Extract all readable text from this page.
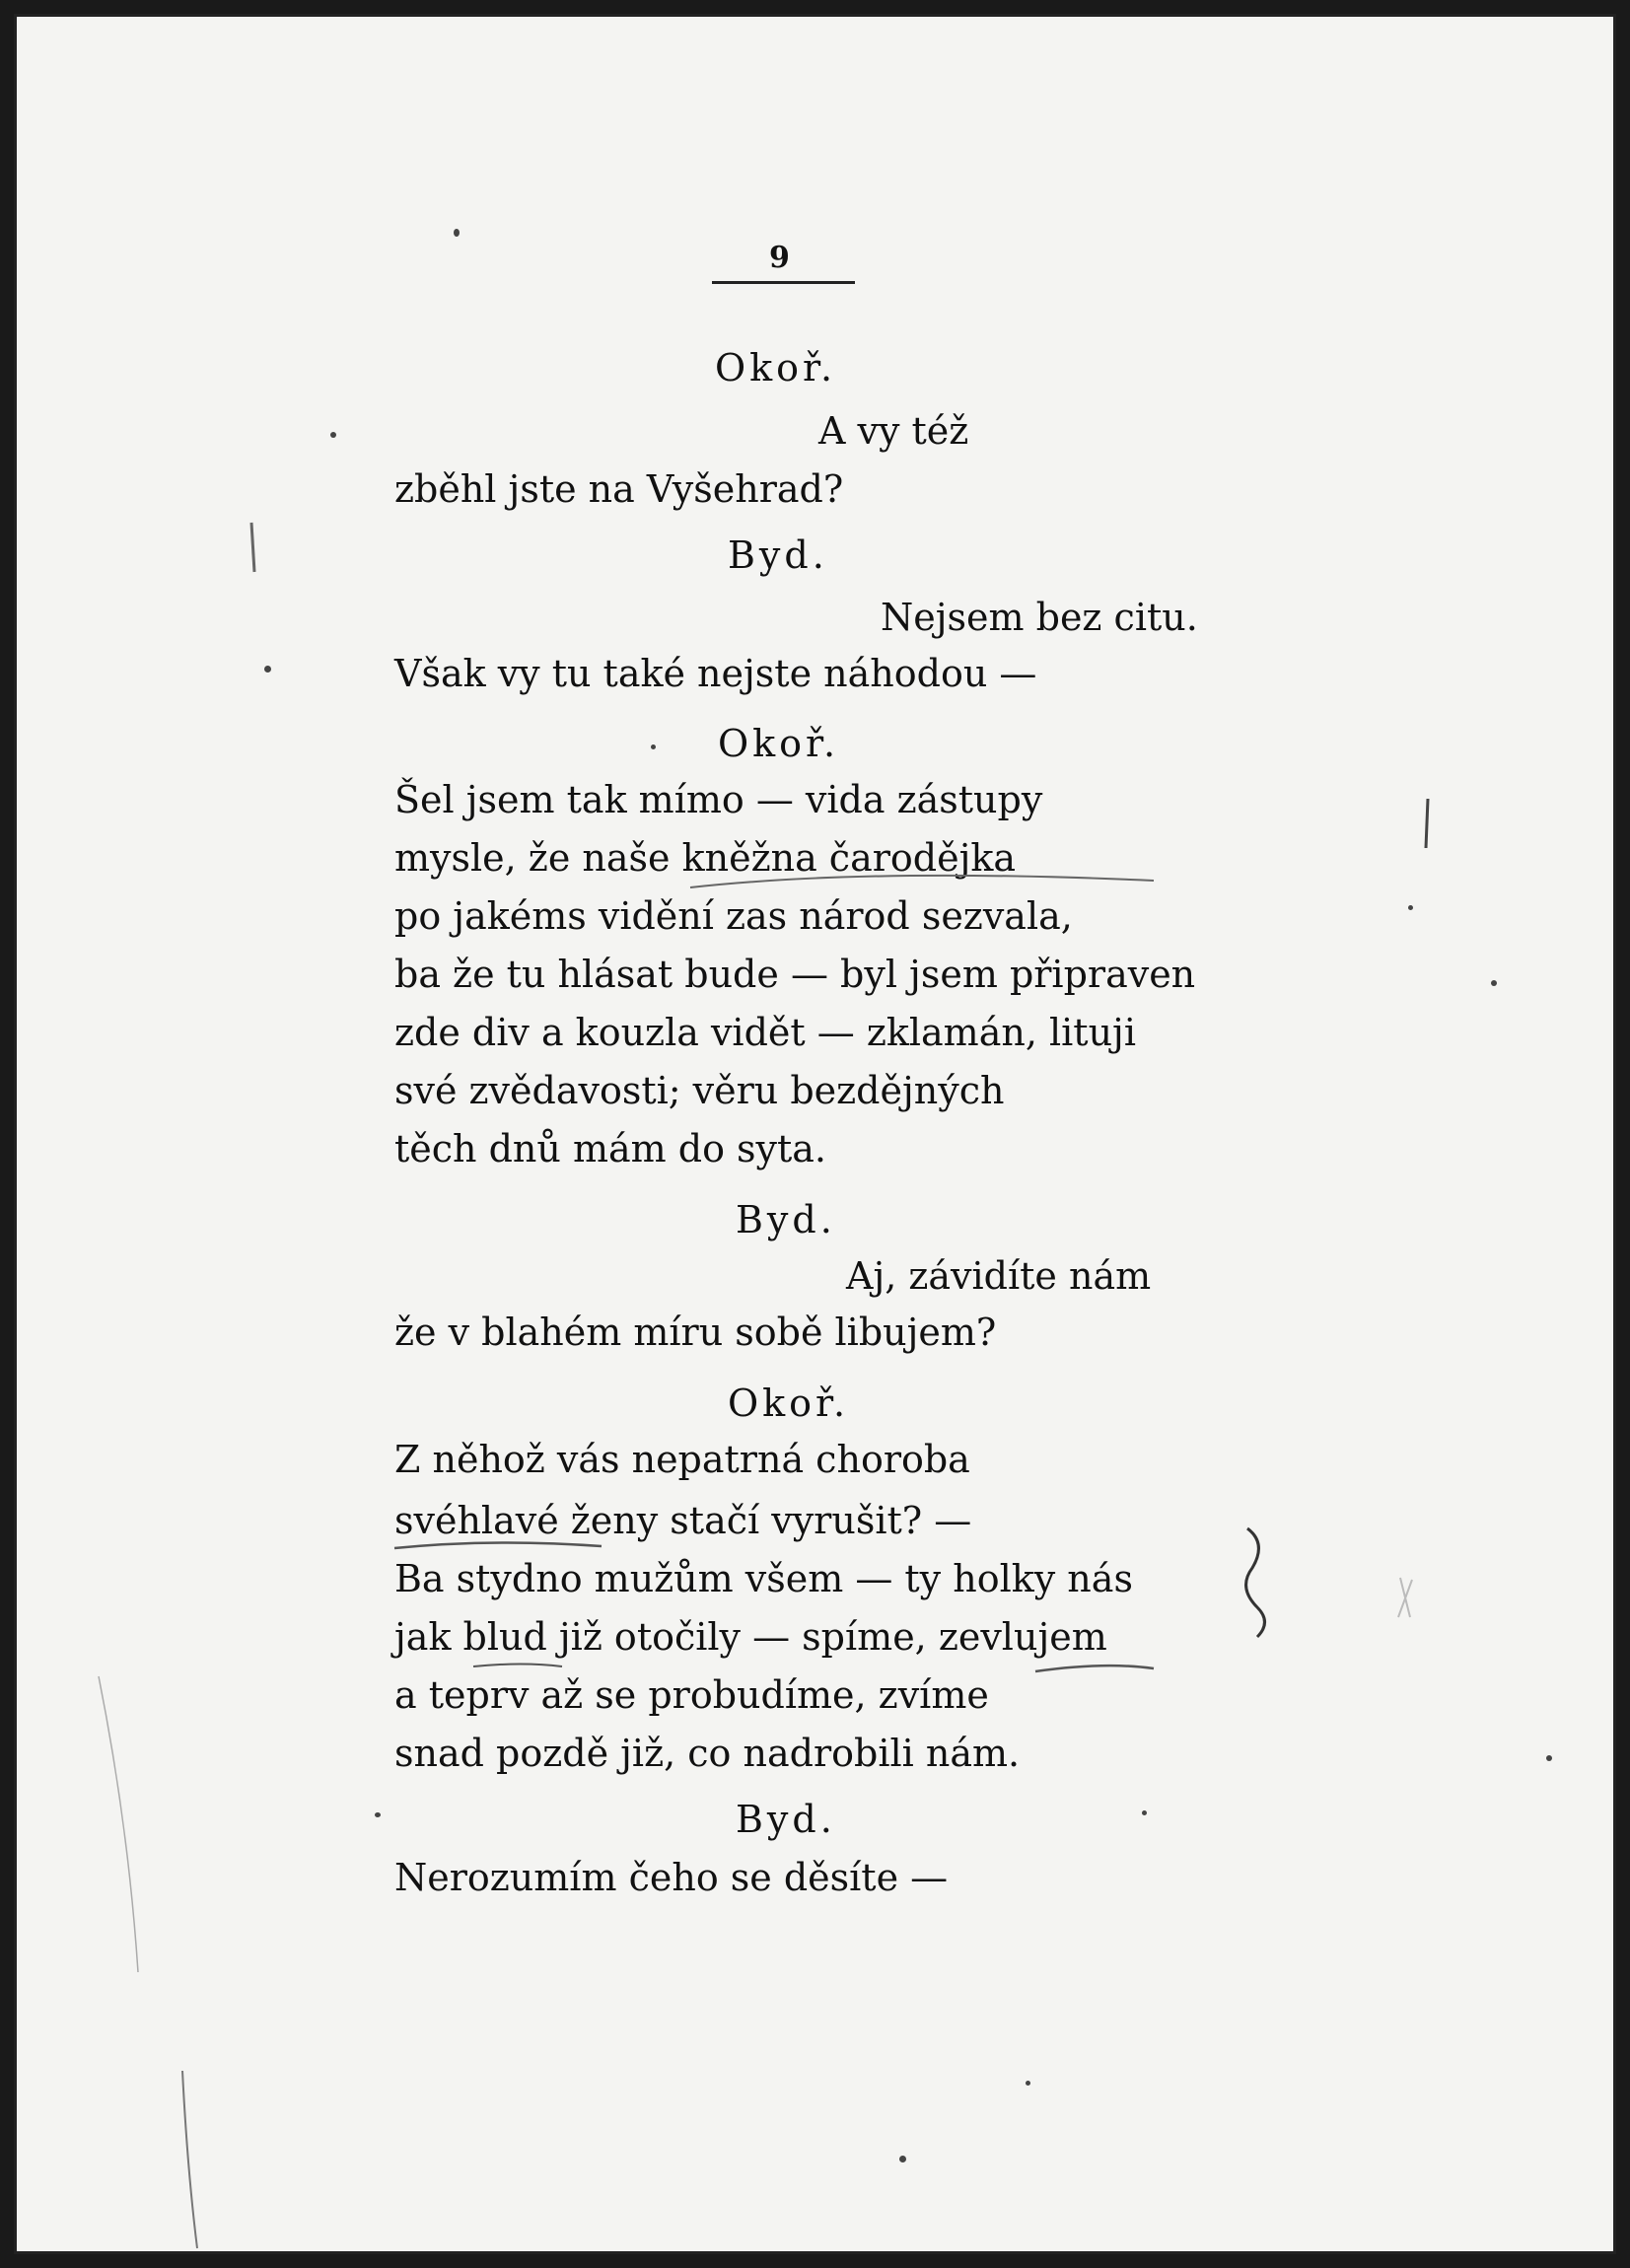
9
Okoř.
A vy též
zběhl jste na Vyšehrad?
Byd.
Nejsem bez citu.
Však vy tu také nejste náhodou —
Okoř.
Šel jsem tak mímo — vida zástupy
mysle, že naše kněžna čarodějka
po jakéms vidění zas národ sezvala,
ba že tu hlásat bude — byl jsem připraven
zde div a kouzla vidět — zklamán, lituji
své zvědavosti; věru bezdějných
těch dnů mám do syta.
Byd.
Aj, závidíte nám
že v blahém míru sobě libujem?
Okoř.
Z něhož vás nepatrná choroba
svéhlavé ženy stačí vyrušit? —
Ba stydno mužům všem — ty holky nás
jak blud již otočily — spíme, zevlujem
a teprv až se probudíme, zvíme
snad pozdě již, co nadrobili nám.
Byd.
Nerozumím čeho se děsíte —
